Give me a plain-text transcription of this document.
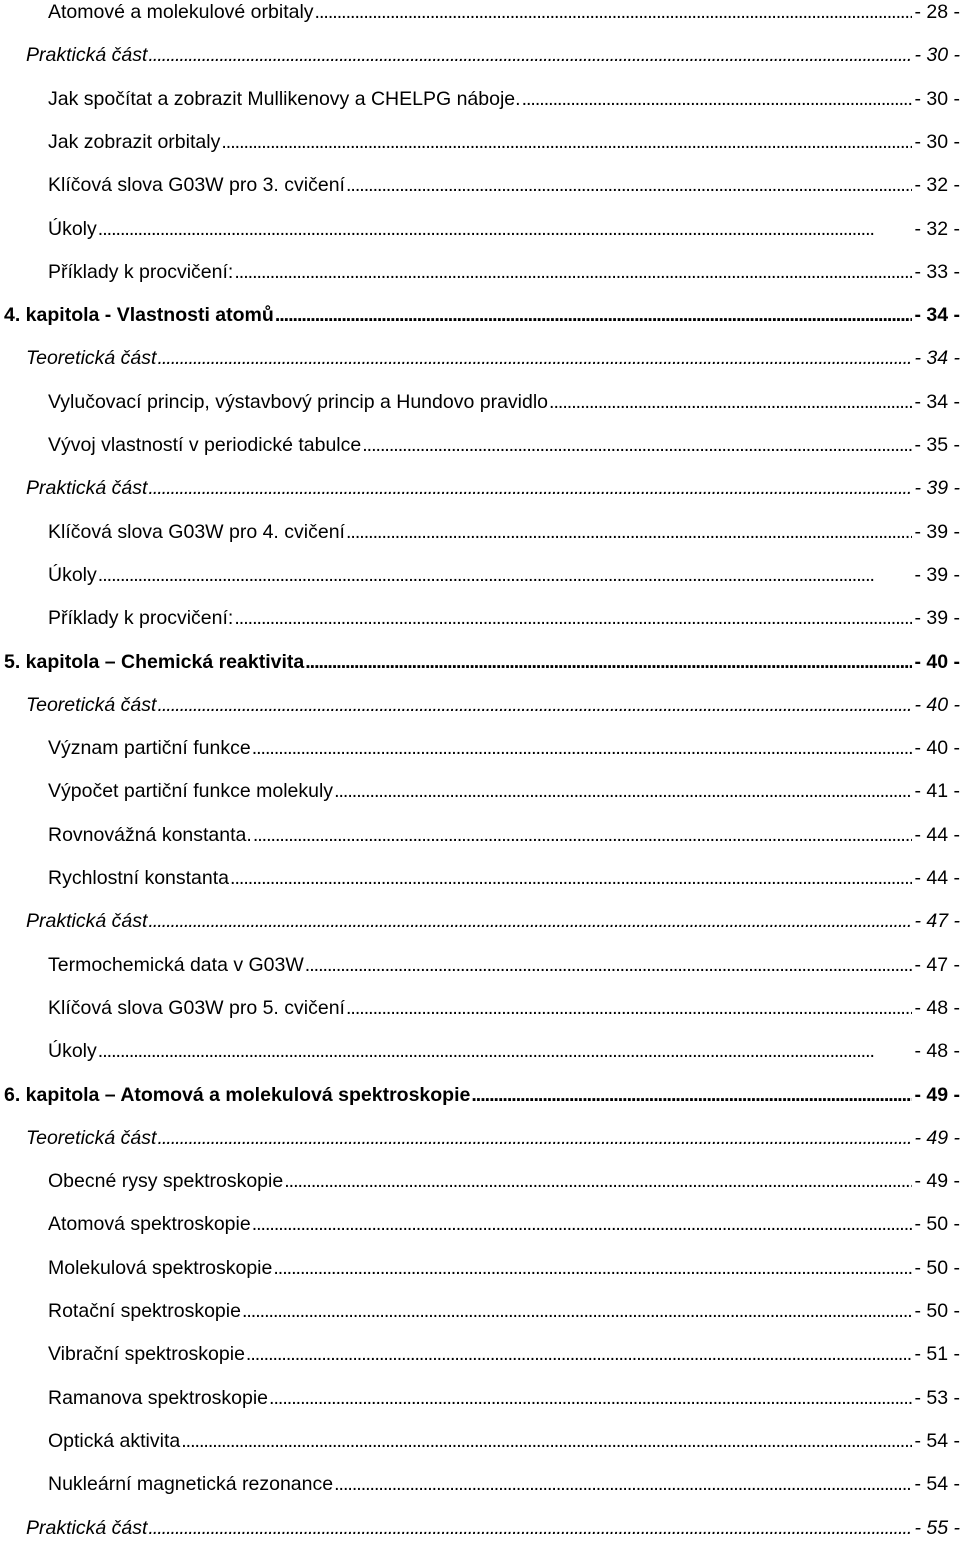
Atomové a molekulové orbitaly . . .	- 28 -
Praktická část . . .	- 30 -
Jak spočítat a zobrazit Mullikenovy a CHELPG náboje. . . .	- 30 -
Jak zobrazit orbitaly . . .	- 30 -
Klíčová slova G03W pro 3. cvičení . . .	- 32 -
Úkoly . . .	- 32 -
Příklady k procvičení: . . .	- 33 -
4. kapitola - Vlastnosti atomů . . .	- 34 -
Teoretická část . . .	- 34 -
Vylučovací princip, výstavbový princip a Hundovo pravidlo . . .	- 34 -
Vývoj vlastností v periodické tabulce . . .	- 35 -
Praktická část . . .	- 39 -
Klíčová slova G03W pro 4. cvičení . . .	- 39 -
Úkoly . . .	- 39 -
Příklady k procvičení: . . .	- 39 -
5. kapitola – Chemická reaktivita . . .	- 40 -
Teoretická část . . .	- 40 -
Význam partiční funkce . . .	- 40 -
Výpočet partiční funkce molekuly . . .	- 41 -
Rovnovážná konstanta. . . .	- 44 -
Rychlostní konstanta . . .	- 44 -
Praktická část . . .	- 47 -
Termochemická data v G03W . . .	- 47 -
Klíčová slova G03W pro 5. cvičení . . .	- 48 -
Úkoly . . .	- 48 -
6. kapitola – Atomová a molekulová spektroskopie . . .	- 49 -
Teoretická část . . .	- 49 -
Obecné rysy spektroskopie . . .	- 49 -
Atomová spektroskopie . . .	- 50 -
Molekulová spektroskopie . . .	- 50 -
Rotační spektroskopie . . .	- 50 -
Vibrační spektroskopie . . .	- 51 -
Ramanova spektroskopie . . .	- 53 -
Optická aktivita . . .	- 54 -
Nukleární magnetická rezonance . . .	- 54 -
Praktická část . . .	- 55 -
